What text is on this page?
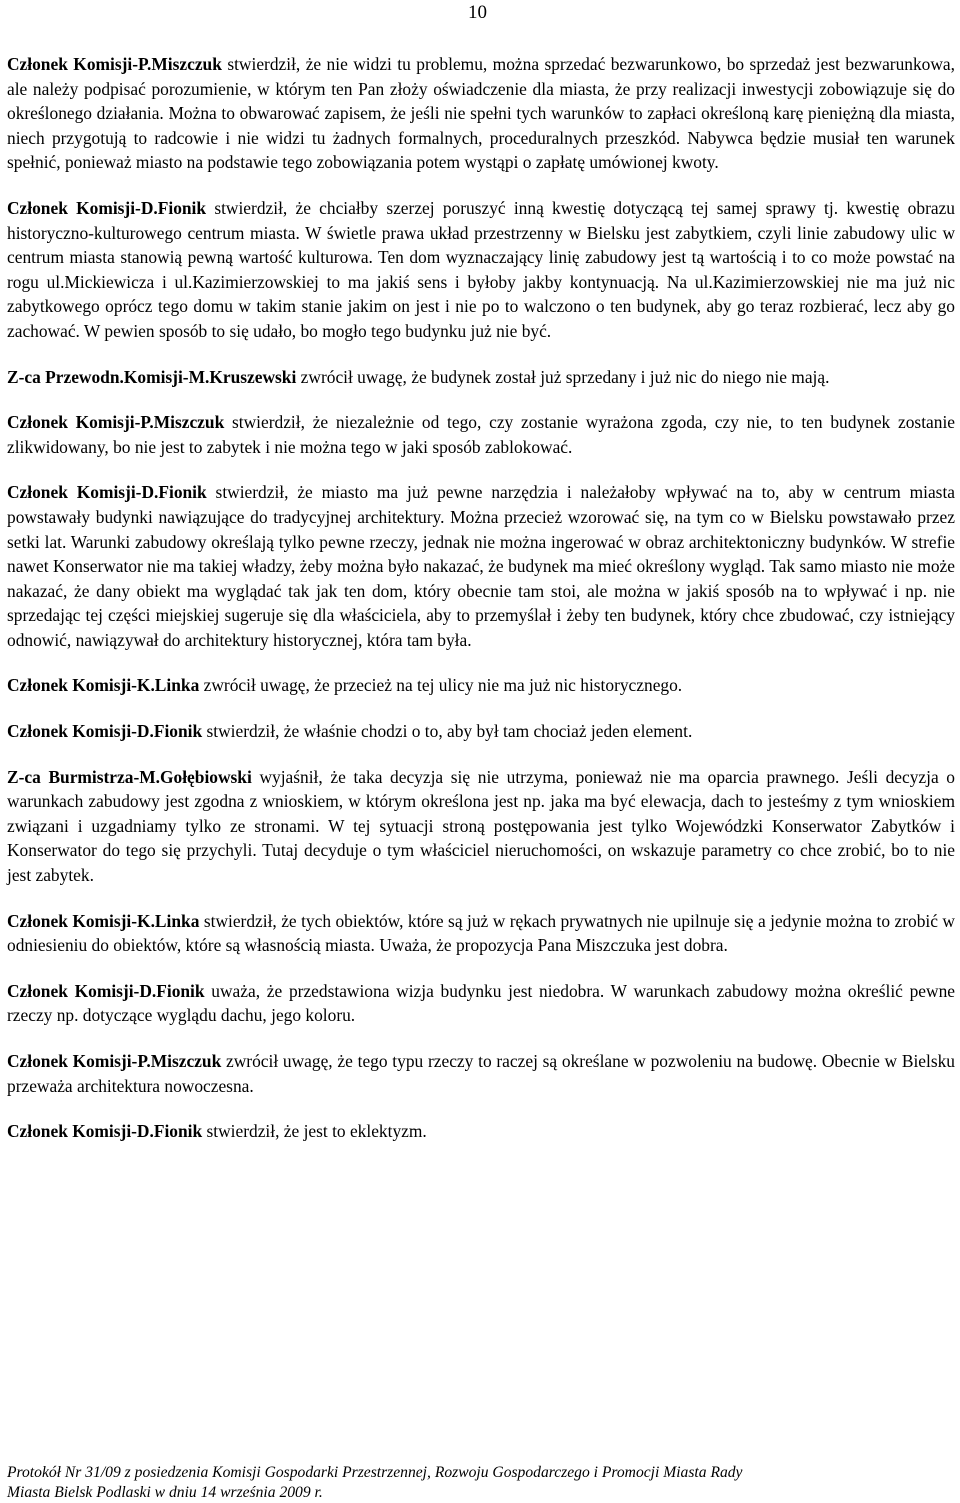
10

Członek Komisji-P.Miszczuk stwierdził, że nie widzi tu problemu, można sprzedać bezwarunkowo, bo sprzedaż jest bezwarunkowa, ale należy podpisać porozumienie, w którym ten Pan złoży oświadczenie dla miasta, że przy realizacji inwestycji zobowiązuje się do określonego działania. Można to obwarować zapisem, że jeśli nie spełni tych warunków to zapłaci określoną karę pieniężną dla miasta, niech przygotują to radcowie i nie widzi tu żadnych formalnych, proceduralnych przeszkód. Nabywca będzie musiał ten warunek spełnić, ponieważ miasto na podstawie tego zobowiązania potem wystąpi o zapłatę umówionej kwoty.

Członek Komisji-D.Fionik stwierdził, że chciałby szerzej poruszyć inną kwestię dotyczącą tej samej sprawy tj. kwestię obrazu historyczno-kulturowego centrum miasta. W świetle prawa układ przestrzenny w Bielsku jest zabytkiem, czyli linie zabudowy ulic w centrum miasta stanowią pewną wartość kulturowa. Ten dom wyznaczający linię zabudowy jest tą wartością i to co może powstać na rogu ul.Mickiewicza i ul.Kazimierzowskiej to ma jakiś sens i byłoby jakby kontynuacją. Na ul.Kazimierzowskiej nie ma już nic zabytkowego oprócz tego domu w takim stanie jakim on jest i nie po to walczono o ten budynek, aby go teraz rozbierać, lecz aby go zachować. W pewien sposób to się udało, bo mogło tego budynku już nie być.

Z-ca Przewodn.Komisji-M.Kruszewski zwrócił uwagę, że budynek został już sprzedany i już nic do niego nie mają.

Członek Komisji-P.Miszczuk stwierdził, że niezależnie od tego, czy zostanie wyrażona zgoda, czy nie, to ten budynek zostanie zlikwidowany, bo nie jest to zabytek i nie można tego w jaki sposób zablokować.

Członek Komisji-D.Fionik stwierdził, że miasto ma już pewne narzędzia i należałoby wpływać na to, aby w centrum miasta powstawały budynki nawiązujące do tradycyjnej architektury. Można przecież wzorować się, na tym co w Bielsku powstawało przez setki lat. Warunki zabudowy określają tylko pewne rzeczy, jednak nie można ingerować w obraz architektoniczny budynków. W strefie nawet Konserwator nie ma takiej władzy, żeby można było nakazać, że budynek ma mieć określony wygląd. Tak samo miasto nie może nakazać, że dany obiekt ma wyglądać tak jak ten dom, który obecnie tam stoi, ale można w jakiś sposób na to wpływać i np. nie sprzedając tej części miejskiej sugeruje się dla właściciela, aby to przemyślał i żeby ten budynek, który chce zbudować, czy istniejący odnowić, nawiązywał do architektury historycznej, która tam była.

Członek Komisji-K.Linka zwrócił uwagę, że przecież na tej ulicy nie ma już nic historycznego.

Członek Komisji-D.Fionik stwierdził, że właśnie chodzi o to, aby był tam chociaż jeden element.

Z-ca Burmistrza-M.Gołębiowski wyjaśnił, że taka decyzja się nie utrzyma, ponieważ nie ma oparcia prawnego. Jeśli decyzja o warunkach zabudowy jest zgodna z wnioskiem, w którym określona jest np. jaka ma być elewacja, dach to jesteśmy z tym wnioskiem związani i uzgadniamy tylko ze stronami. W tej sytuacji stroną postępowania jest tylko Wojewódzki Konserwator Zabytków i Konserwator do tego się przychyli. Tutaj decyduje o tym właściciel nieruchomości, on wskazuje parametry co chce zrobić, bo to nie jest zabytek.

Członek Komisji-K.Linka stwierdził, że tych obiektów, które są już w rękach prywatnych nie upilnuje się a jedynie można to zrobić w odniesieniu do obiektów, które są własnością miasta. Uważa, że propozycja Pana Miszczuka jest dobra.

Członek Komisji-D.Fionik uważa, że przedstawiona wizja budynku jest niedobra. W warunkach zabudowy można określić pewne rzeczy np. dotyczące wyglądu dachu, jego koloru.

Członek Komisji-P.Miszczuk zwrócił uwagę, że tego typu rzeczy to raczej są określane w pozwoleniu na budowę. Obecnie w Bielsku przeważa architektura nowoczesna.

Członek Komisji-D.Fionik stwierdził, że jest to eklektyzm.

Protokół Nr 31/09 z posiedzenia Komisji Gospodarki Przestrzennej, Rozwoju Gospodarczego i Promocji Miasta Rady
Miasta Bielsk Podlaski w dniu 14 września 2009 r.
